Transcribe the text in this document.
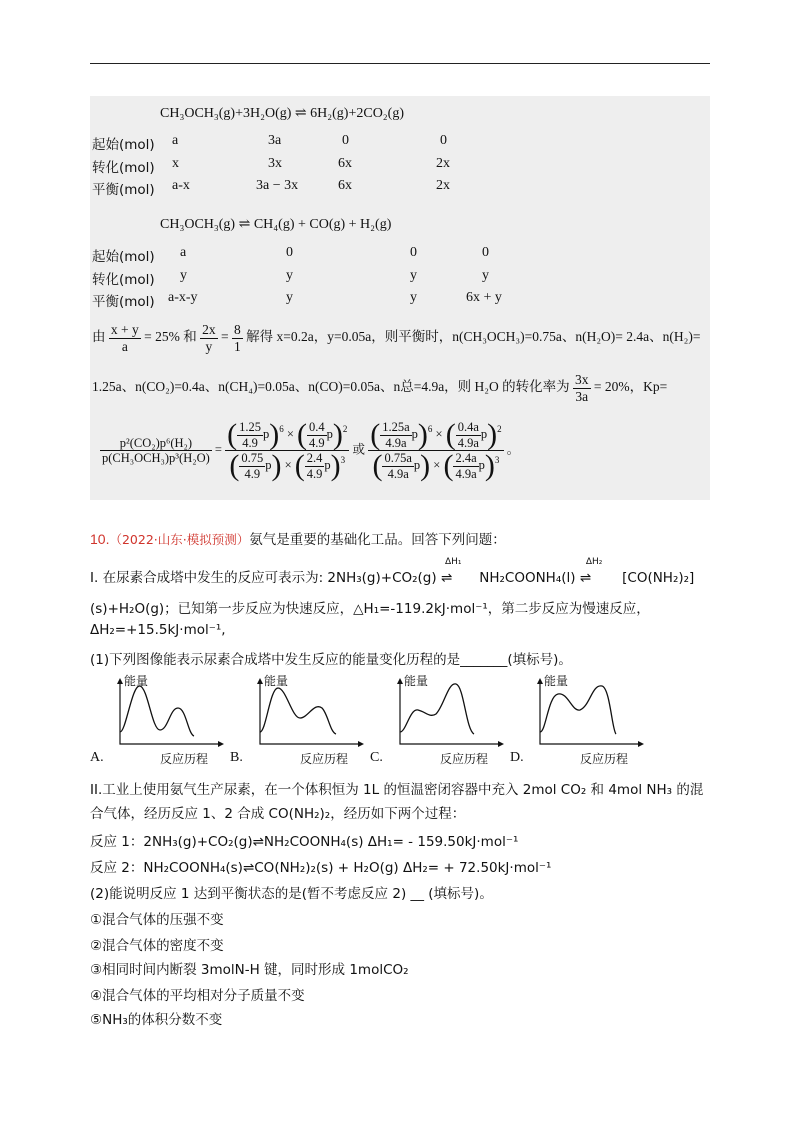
CH₃OCH₃(g)+3H₂O(g) ⇌ 6H₂(g)+2CO₂(g)
起始(mol) a	3a	0	0
转化(mol) x	3x	6x	2x
平衡(mol) a-x	3a − 3x	6x	2x
CH₃OCH₃(g) ⇌ CH₄(g) + CO(g) + H₂(g)
起始(mol) a	0	0	0
转化(mol) y	y	y	y
平衡(mol) a-x-y	y	y	6x + y
由 $\frac{x + y}{a} = 25\%$ 和 $\frac{2x}{y} = \frac{8}{1}$ 解得 x=0.2a，y=0.05a，则平衡时，n(CH₃OCH₃)=0.75a、n(H₂O)= 2.4a、n(H₂)=
1.25a、n(CO₂)=0.4a、n(CH₄)=0.05a、n(CO)=0.05a、n总=4.9a，则 H₂O 的转化率为 $\frac{3x}{3a} = 20\%$，Kp=
$\frac{\text{p²(CO₂)p⁶(H₂)}}{\text{p(CH₃OCH₃)p³(H₂O)}} = \frac{( \frac{1.25}{4.9} p)^6 \times ( \frac{0.4}{4.9} p)^2}{( \frac{0.75}{4.9} p) \times ( \frac{2.4}{4.9} p)^3}$ 或 $\frac{( \frac{1.25a}{4.9a} p)^6 \times ( \frac{0.4a}{4.9a} p)^2}{( \frac{0.75a}{4.9a} p) \times ( \frac{2.4a}{4.9a} p)^3}$ 。
10.（2022·山东·模拟预测）氨气是重要的基础化工品。回答下列问题：
I. 在尿素合成塔中发生的反应可表示为: 2NH₃(g)+CO₂(g)
ΔH₁
⇌ NH₂COONH₄(l)
ΔH₂
⇌ [CO(NH₂)₂]
(s)+H₂O(g)；已知第一步反应为快速反应，△H₁=-119.2kJ·mol⁻¹，第二步反应为慢速反应，
ΔH₂=+15.5kJ·mol⁻¹,
(1)下列图像能表示尿素合成塔中发生反应的能量变化历程的是_______(填标号)。
A.
能量
反应历程 B.
能量
反应历程 C.
能量
反应历程 D.
能量
反应历程
II.工业上使用氨气生产尿素，在一个体积恒为 1L 的恒温密闭容器中充入 2mol CO₂ 和 4mol NH₃ 的混
合气体，经历反应 1、2 合成 CO(NH₂)₂，经历如下两个过程：
反应 1：2NH₃(g)+CO₂(g)⇌NH₂COONH₄(s) ΔH₁= - 159.50kJ·mol⁻¹
反应 2：NH₂COONH₄(s)⇌CO(NH₂)₂(s) + H₂O(g) ΔH₂= + 72.50kJ·mol⁻¹
(2)能说明反应 1 达到平衡状态的是(暂不考虑反应 2) __ (填标号)。
①混合气体的压强不变
②混合气体的密度不变
③相同时间内断裂 3molN-H 键，同时形成 1molCO₂
④混合气体的平均相对分子质量不变
⑤NH₃的体积分数不变
